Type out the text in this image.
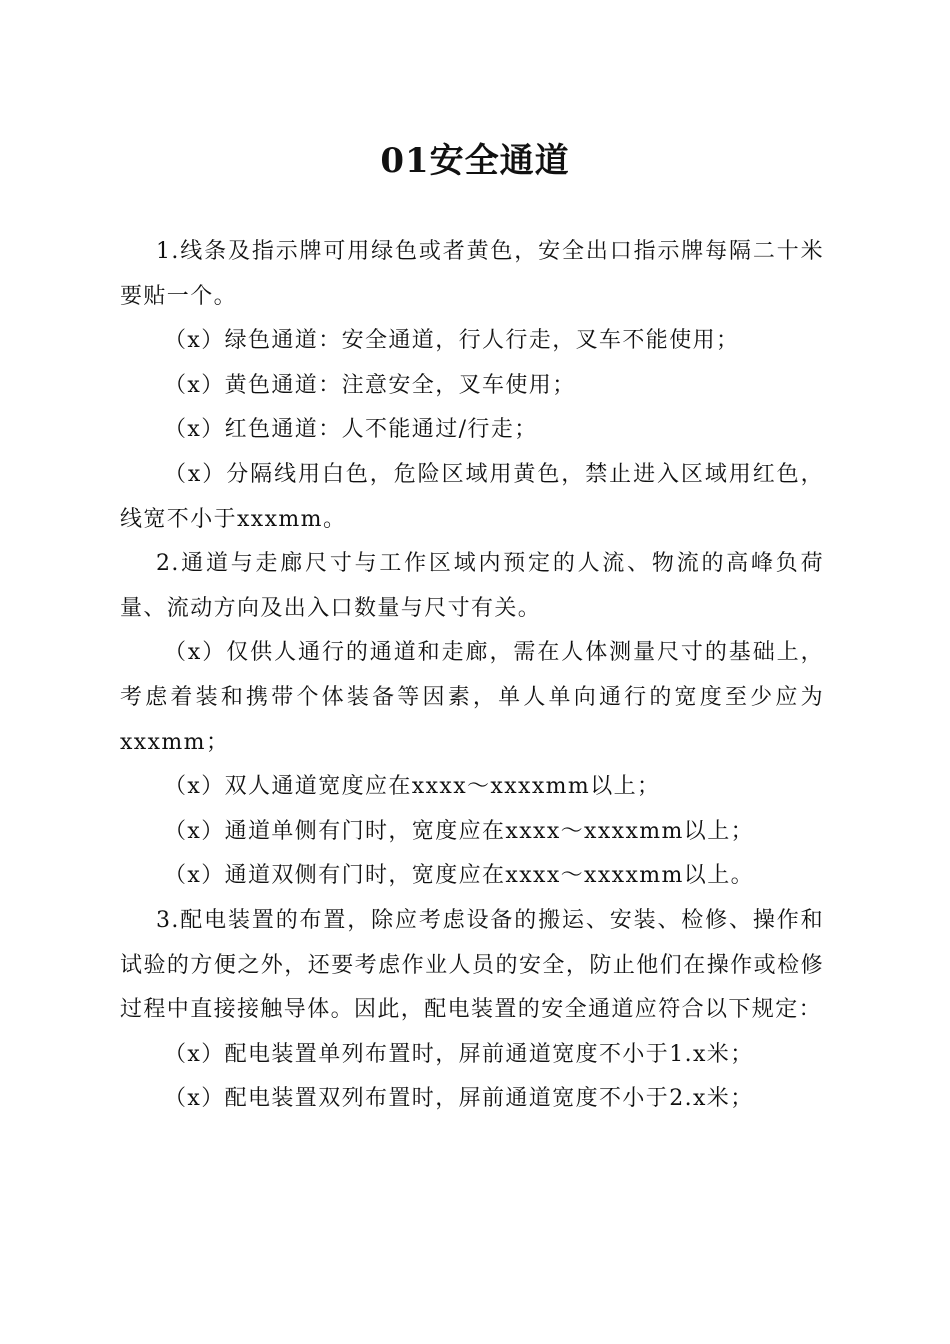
01安全通道

1.线条及指示牌可用绿色或者黄色，安全出口指示牌每隔二十米要贴一个。

（x）绿色通道：安全通道，行人行走，叉车不能使用；

（x）黄色通道：注意安全，叉车使用；

（x）红色通道：人不能通过/行走；

（x）分隔线用白色，危险区域用黄色，禁止进入区域用红色，线宽不小于xxxmm。

2.通道与走廊尺寸与工作区域内预定的人流、物流的高峰负荷量、流动方向及出入口数量与尺寸有关。

（x）仅供人通行的通道和走廊，需在人体测量尺寸的基础上，考虑着装和携带个体装备等因素，单人单向通行的宽度至少应为xxxmm；

（x）双人通道宽度应在xxxx～xxxxmm以上；

（x）通道单侧有门时，宽度应在xxxx～xxxxmm以上；

（x）通道双侧有门时，宽度应在xxxx～xxxxmm以上。

3.配电装置的布置，除应考虑设备的搬运、安装、检修、操作和试验的方便之外，还要考虑作业人员的安全，防止他们在操作或检修过程中直接接触导体。因此，配电装置的安全通道应符合以下规定：

（x）配电装置单列布置时，屏前通道宽度不小于1.x米；

（x）配电装置双列布置时，屏前通道宽度不小于2.x米；
